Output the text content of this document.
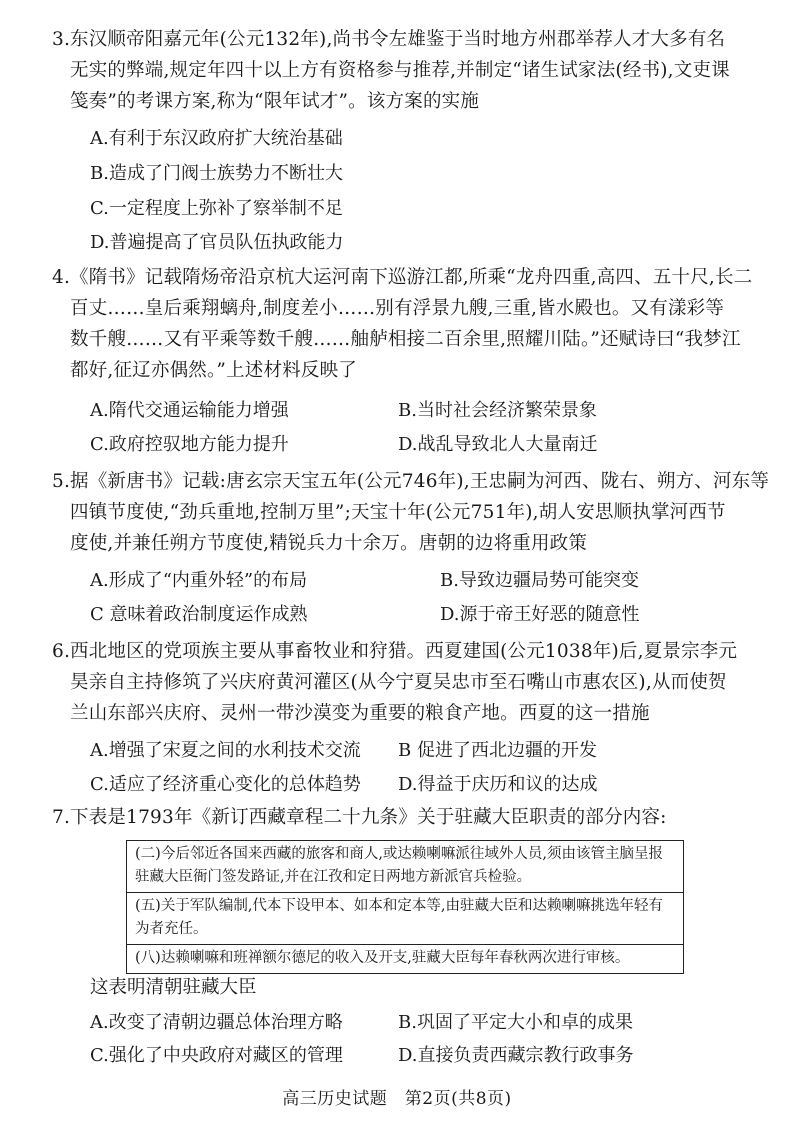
3. 东汉顺帝阳嘉元年(公元132年),尚书令左雄鉴于当时地方州郡举荐人才大多有名
无实的弊端,规定年四十以上方有资格参与推荐,并制定“诸生试家法(经书),文吏课
笺奏”的考课方案,称为“限年试才”。该方案的实施
A.有利于东汉政府扩大统治基础
B.造成了门阀士族势力不断壮大
C.一定程度上弥补了察举制不足
D.普遍提高了官员队伍执政能力
4. 《隋书》记载隋炀帝沿京杭大运河南下巡游江都,所乘“龙舟四重,高四、五十尺,长二
百丈……皇后乘翔螭舟,制度差小……别有浮景九艘,三重,皆水殿也。又有漾彩等
数千艘……又有平乘等数千艘……舳舻相接二百余里,照耀川陆。”还赋诗曰“我梦江
都好,征辽亦偶然。”上述材料反映了
A.隋代交通运输能力增强	B.当时社会经济繁荣景象
C.政府控驭地方能力提升	D.战乱导致北人大量南迁
5. 据《新唐书》记载:唐玄宗天宝五年(公元746年),王忠嗣为河西、陇右、朔方、河东等
四镇节度使,“劲兵重地,控制万里”;天宝十年(公元751年),胡人安思顺执掌河西节
度使,并兼任朔方节度使,精锐兵力十余万。唐朝的边将重用政策
A.形成了“内重外轻”的布局	B.导致边疆局势可能突变
C 意味着政治制度运作成熟	D.源于帝王好恶的随意性
6. 西北地区的党项族主要从事畜牧业和狩猎。西夏建国(公元1038年)后,夏景宗李元
昊亲自主持修筑了兴庆府黄河灌区(从今宁夏吴忠市至石嘴山市惠农区),从而使贺
兰山东部兴庆府、灵州一带沙漠变为重要的粮食产地。西夏的这一措施
A.增强了宋夏之间的水利技术交流 B 促进了西北边疆的开发
C.适应了经济重心变化的总体趋势 D.得益于庆历和议的达成
7. 下表是1793年《新订西藏章程二十九条》关于驻藏大臣职责的部分内容:
(二)今后邻近各国来西藏的旅客和商人,或达赖喇嘛派往域外人员,须由该管主脑呈报驻藏大臣衙门签发路证,并在江孜和定日两地方新派官兵检验。
(五)关于军队编制,代本下设甲本、如本和定本等,由驻藏大臣和达赖喇嘛挑选年轻有为者充任。
(八)达赖喇嘛和班禅额尔德尼的收入及开支,驻藏大臣每年春秋两次进行审核。
这表明清朝驻藏大臣
A.改变了清朝边疆总体治理方略	B.巩固了平定大小和卓的成果
C.强化了中央政府对藏区的管理	D.直接负责西藏宗教行政事务
高三历史试题　第2页(共8页)
